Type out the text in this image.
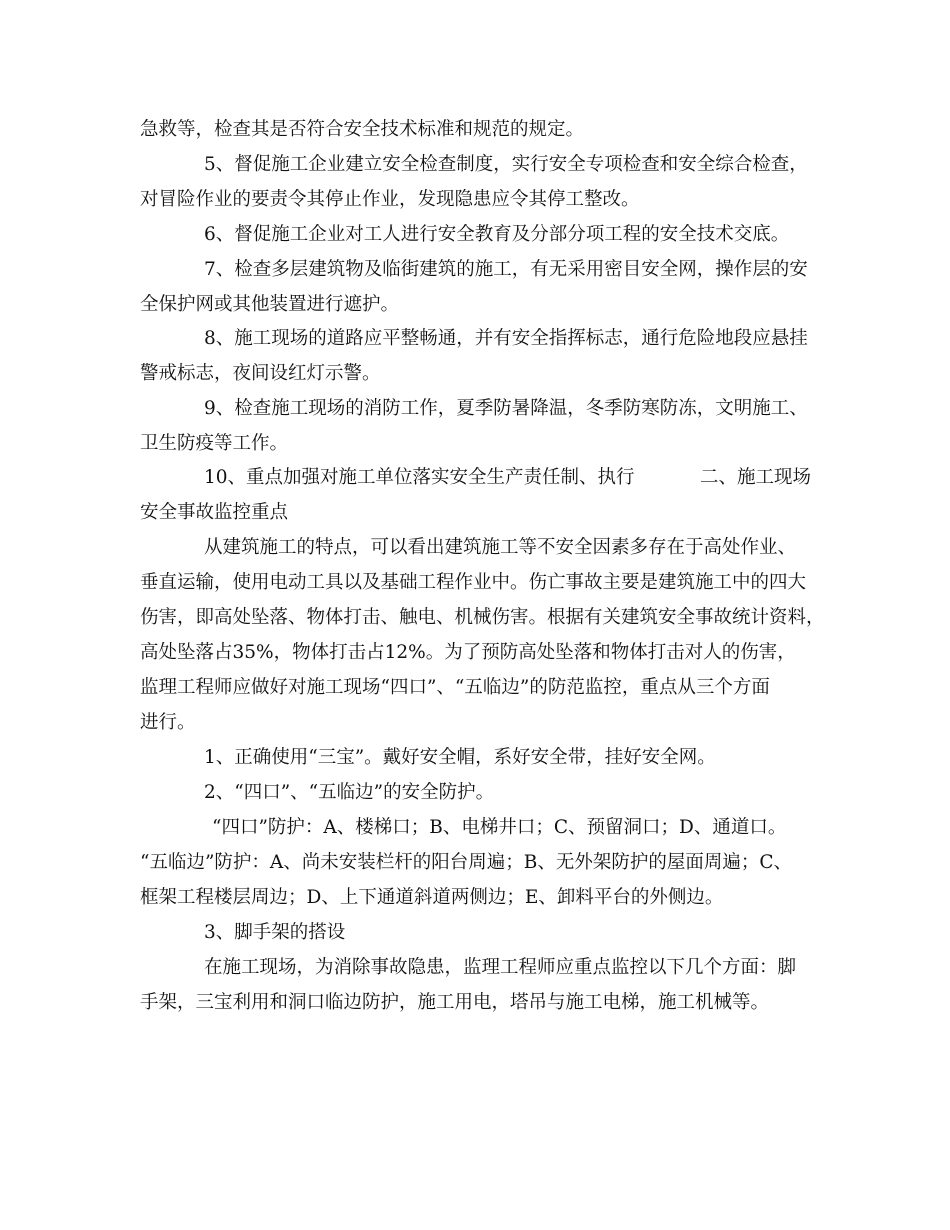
急救等，检查其是否符合安全技术标准和规范的规定。
5、督促施工企业建立安全检查制度，实行安全专项检查和安全综合检查，
对冒险作业的要责令其停止作业，发现隐患应令其停工整改。
6、督促施工企业对工人进行安全教育及分部分项工程的安全技术交底。
7、检查多层建筑物及临街建筑的施工，有无采用密目安全网，操作层的安
全保护网或其他装置进行遮护。
8、施工现场的道路应平整畅通，并有安全指挥标志，通行危险地段应悬挂
警戒标志，夜间设红灯示警。
9、检查施工现场的消防工作，夏季防暑降温，冬季防寒防冻，文明施工、
卫生防疫等工作。
10、重点加强对施工单位落实安全生产责任制、执行	二、施工现场
安全事故监控重点
从建筑施工的特点，可以看出建筑施工等不安全因素多存在于高处作业、
垂直运输，使用电动工具以及基础工程作业中。伤亡事故主要是建筑施工中的四大
伤害，即高处坠落、物体打击、触电、机械伤害。根据有关建筑安全事故统计资料，
高处坠落占35%，物体打击占12%。为了预防高处坠落和物体打击对人的伤害，
监理工程师应做好对施工现场“四口”、“五临边”的防范监控，重点从三个方面
进行。
1、正确使用“三宝”。戴好安全帽，系好安全带，挂好安全网。
2、“四口”、“五临边”的安全防护。
“四口”防护：A、楼梯口；B、电梯井口；C、预留洞口；D、通道口。
“五临边”防护：A、尚未安装栏杆的阳台周遍；B、无外架防护的屋面周遍；C、
框架工程楼层周边；D、上下通道斜道两侧边；E、卸料平台的外侧边。
3、脚手架的搭设
在施工现场，为消除事故隐患，监理工程师应重点监控以下几个方面：脚
手架，三宝利用和洞口临边防护，施工用电，塔吊与施工电梯，施工机械等。
